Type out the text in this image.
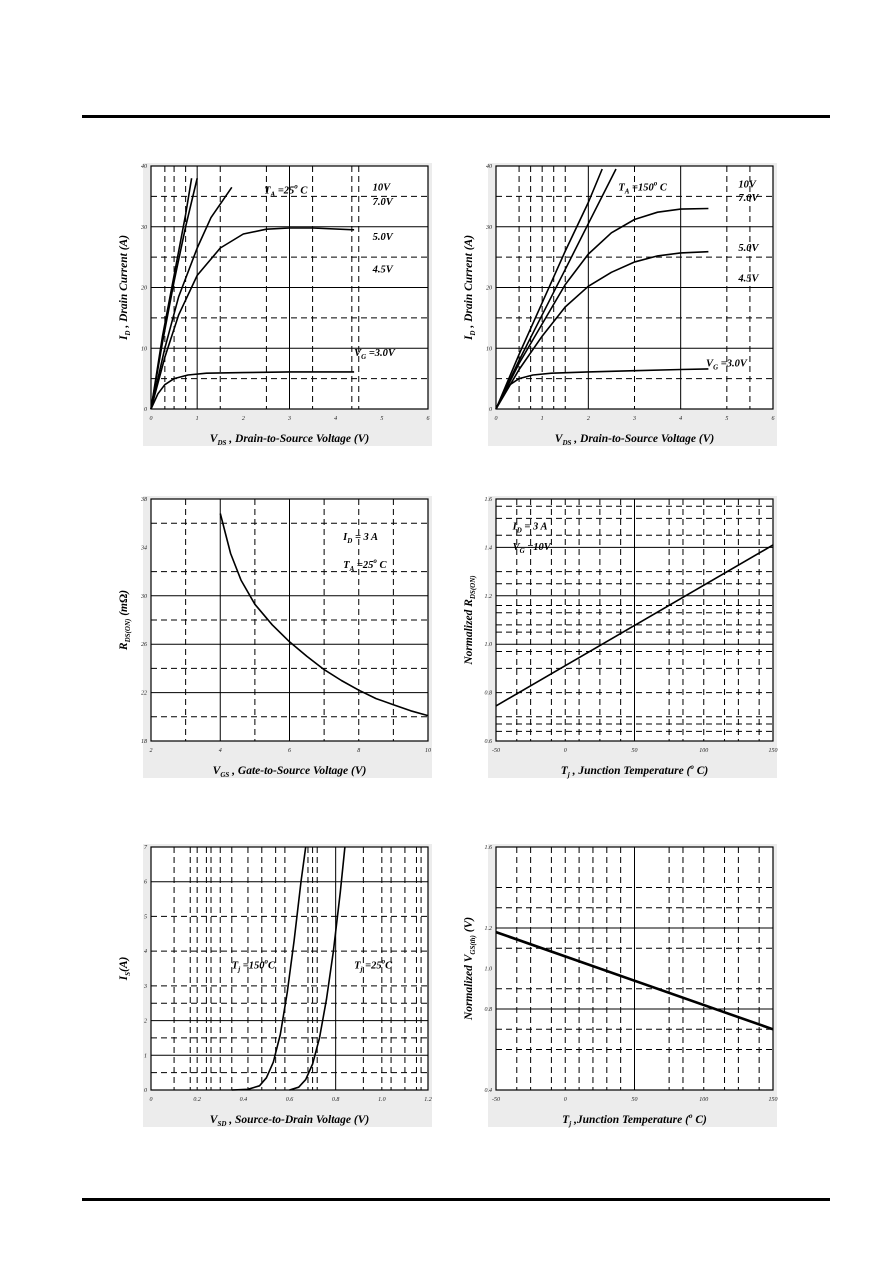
0	1	2	3	4	5	6
0
10
20
30
40
$V_{DS}$ , Drain-to-Source Voltage (V)
$I_D$ , Drain Current (A)
$T_A =25^o$ C	10V
7.0V
5.0V
4.5V
$V_G =3.0V$
0	1	2	3	4	5	6
0
10
20
30
40
$V_{DS}$ , Drain-to-Source Voltage (V)
$I_D$ , Drain Current (A)
$T_A =150^o$ C	10V
7.0V
5.0V
4.5V
$V_G =3.0V$
2	4	6	8	10
18
22
26
30
34
38
$V_{GS}$ , Gate-to-Source Voltage (V)
$R_{DS(ON)}$ (mΩ)
$I_D = 3$ A
$T_A =25^o$ C
-50	0	50	100	150
0.6
0.8
1.0
1.2
1.4
1.6
$T_j$ , Junction Temperature ($^o$ C)
Normalized $R_{DS(ON)}$
$I_D = 3$ A
$V_G =10V$
0	0.2	0.4	0.6	0.8	1.0	1.2
0
1
2
3
4
5
6
7
$V_{SD}$ , Source-to-Drain Voltage (V)
$I_S(A)$	$T_j =150^oC$	$T_j =25^oC$
-50	0	50	100	150
0.4
0.8
1.0
1.2
1.6
$T_j$ ,Junction Temperature ($^o$ C)
Normalized $V_{GS(th)}$ (V)
